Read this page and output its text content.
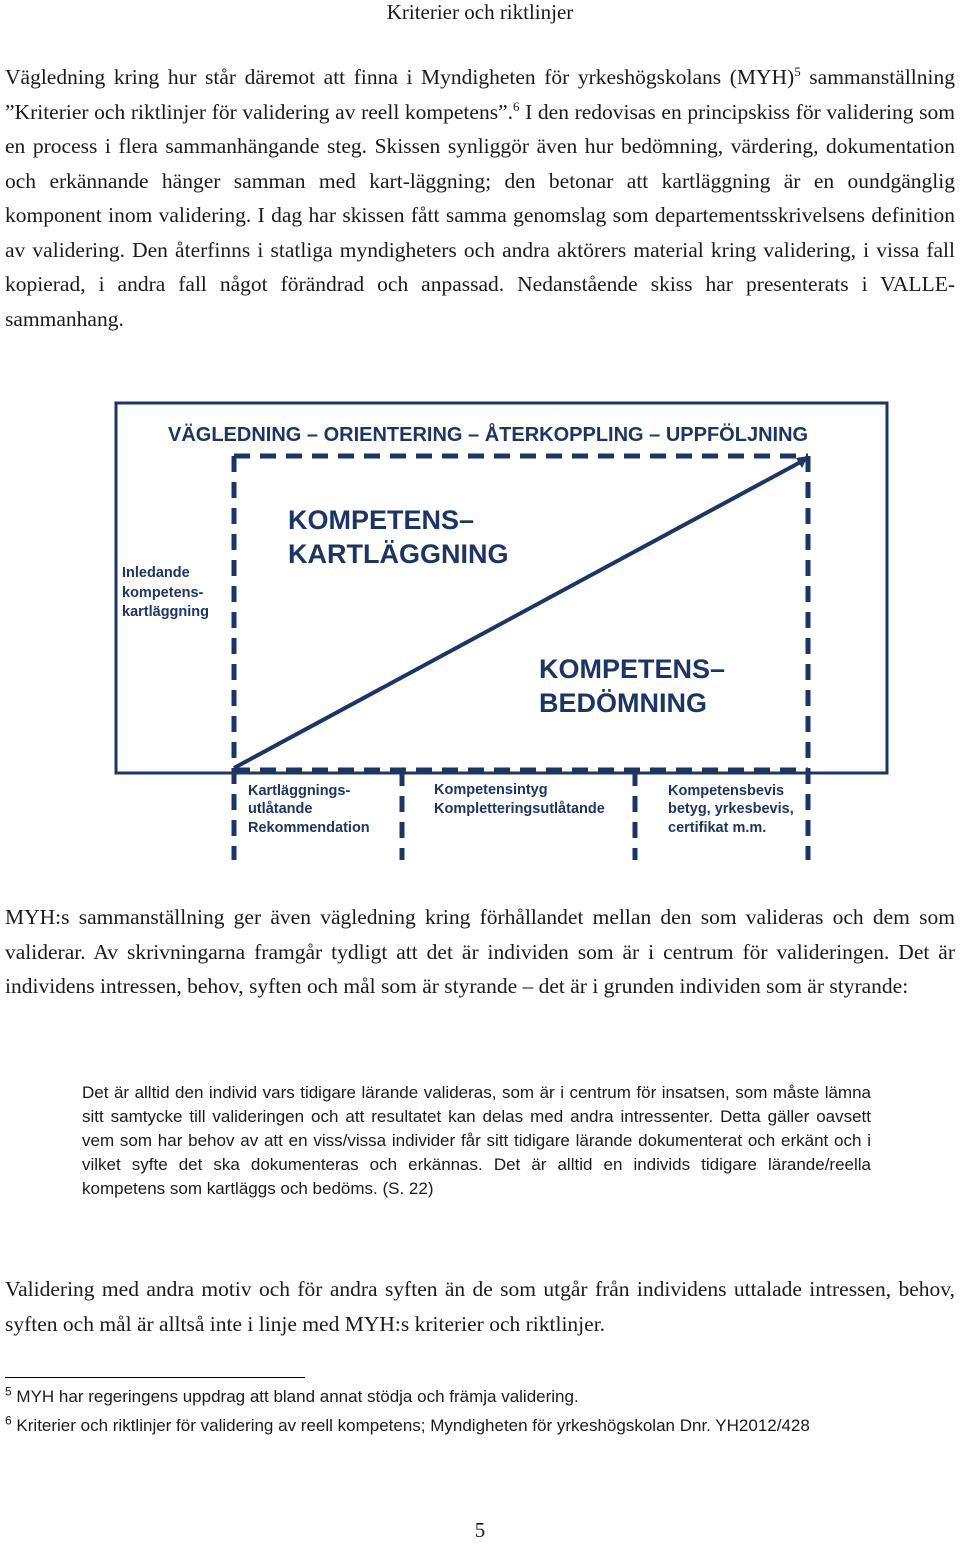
Kriterier och riktlinjer

Vägledning kring hur står däremot att finna i Myndigheten för yrkeshögskolans (MYH)$^5$ sammanställning ”Kriterier och riktlinjer för validering av reell kompetens”.$^6$ I den redovisas en principskiss för validering som en process i flera sammanhängande steg. Skissen synliggör även hur bedömning, värdering, dokumentation och erkännande hänger samman med kart-läggning; den betonar att kartläggning är en oundgänglig komponent inom validering. I dag har skissen fått samma genomslag som departementsskrivelsens definition av validering. Den återfinns i statliga myndigheters och andra aktörers material kring validering, i vissa fall kopierad, i andra fall något förändrad och anpassad. Nedanstående skiss har presenterats i VALLE-sammanhang.

VÄGLEDNING – ORIENTERING – ÅTERKOPPLING – UPPFÖLJNING
Inledande kompetens- kartläggning
KOMPETENS– KARTLÄGGNING
KOMPETENS– BEDÖMNING
Kartläggnings- utlåtande Rekommendation
Kompetensintyg Kompletteringsutlåtande
Kompetensbevis betyg, yrkesbevis, certifikat m.m.

MYH:s sammanställning ger även vägledning kring förhållandet mellan den som valideras och dem som validerar. Av skrivningarna framgår tydligt att det är individen som är i centrum för valideringen. Det är individens intressen, behov, syften och mål som är styrande – det är i grunden individen som är styrande:

Det är alltid den individ vars tidigare lärande valideras, som är i centrum för insatsen, som måste lämna sitt samtycke till valideringen och att resultatet kan delas med andra intressenter. Detta gäller oavsett vem som har behov av att en viss/vissa individer får sitt tidigare lärande dokumenterat och erkänt och i vilket syfte det ska dokumenteras och erkännas. Det är alltid en individs tidigare lärande/reella kompetens som kartläggs och bedöms. (S. 22)

Validering med andra motiv och för andra syften än de som utgår från individens uttalade intressen, behov, syften och mål är alltså inte i linje med MYH:s kriterier och riktlinjer.

$^5$ MYH har regeringens uppdrag att bland annat stödja och främja validering.

$^6$ Kriterier och riktlinjer för validering av reell kompetens; Myndigheten för yrkeshögskolan Dnr. YH2012/428

5
